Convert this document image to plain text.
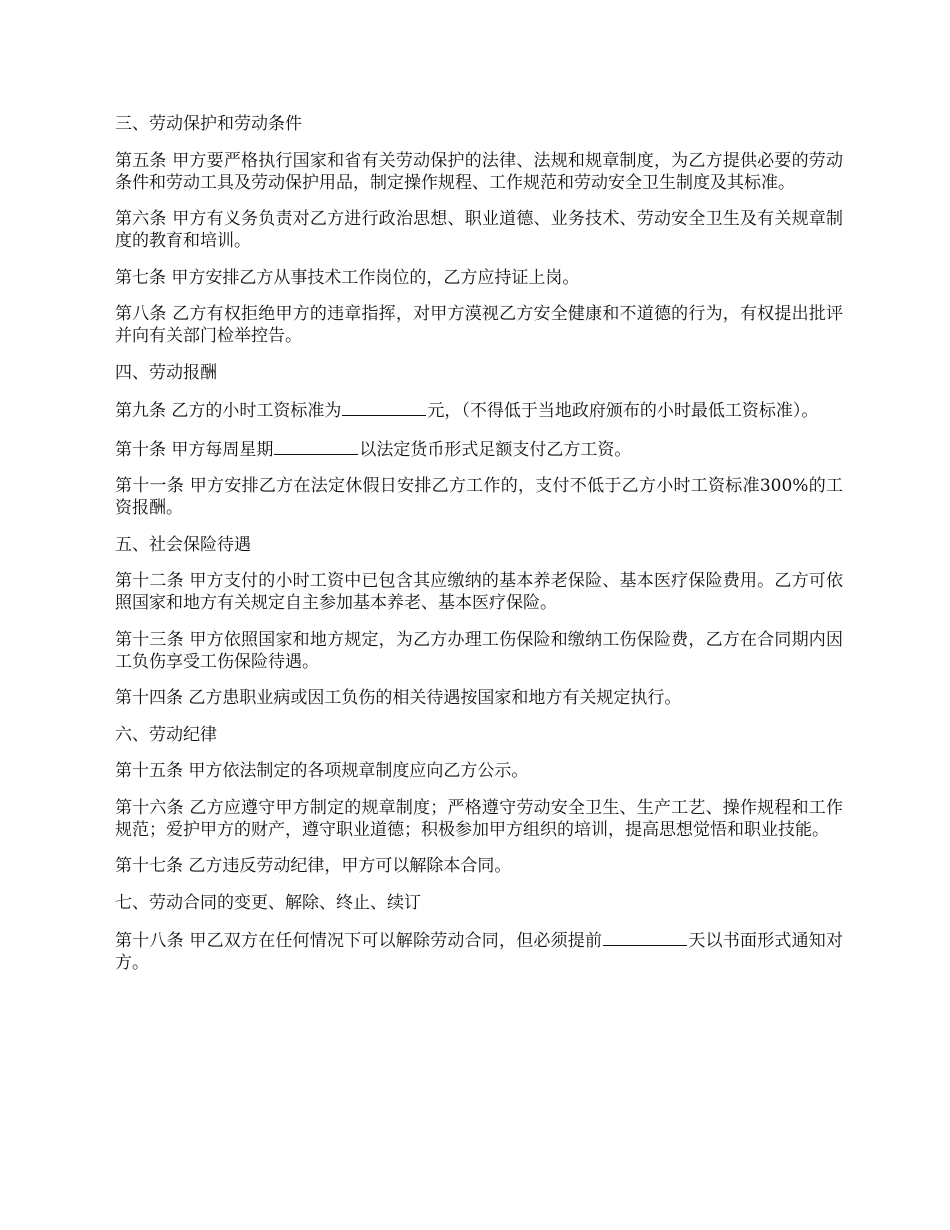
三、劳动保护和劳动条件

第五条 甲方要严格执行国家和省有关劳动保护的法律、法规和规章制度，为乙方提供必要的劳动条件和劳动工具及劳动保护用品，制定操作规程、工作规范和劳动安全卫生制度及其标准。

第六条 甲方有义务负责对乙方进行政治思想、职业道德、业务技术、劳动安全卫生及有关规章制度的教育和培训。

第七条 甲方安排乙方从事技术工作岗位的，乙方应持证上岗。

第八条 乙方有权拒绝甲方的违章指挥，对甲方漠视乙方安全健康和不道德的行为，有权提出批评并向有关部门检举控告。

四、劳动报酬

第九条 乙方的小时工资标准为	元，（不得低于当地政府颁布的小时最低工资标准）。

第十条 甲方每周星期	以法定货币形式足额支付乙方工资。

第十一条 甲方安排乙方在法定休假日安排乙方工作的，支付不低于乙方小时工资标准300%的工资报酬。

五、社会保险待遇

第十二条 甲方支付的小时工资中已包含其应缴纳的基本养老保险、基本医疗保险费用。乙方可依照国家和地方有关规定自主参加基本养老、基本医疗保险。

第十三条 甲方依照国家和地方规定，为乙方办理工伤保险和缴纳工伤保险费，乙方在合同期内因工负伤享受工伤保险待遇。

第十四条 乙方患职业病或因工负伤的相关待遇按国家和地方有关规定执行。

六、劳动纪律

第十五条 甲方依法制定的各项规章制度应向乙方公示。

第十六条 乙方应遵守甲方制定的规章制度；严格遵守劳动安全卫生、生产工艺、操作规程和工作规范；爱护甲方的财产，遵守职业道德；积极参加甲方组织的培训，提高思想觉悟和职业技能。

第十七条 乙方违反劳动纪律，甲方可以解除本合同。

七、劳动合同的变更、解除、终止、续订

第十八条 甲乙双方在任何情况下可以解除劳动合同，但必须提前	天以书面形式通知对方。
